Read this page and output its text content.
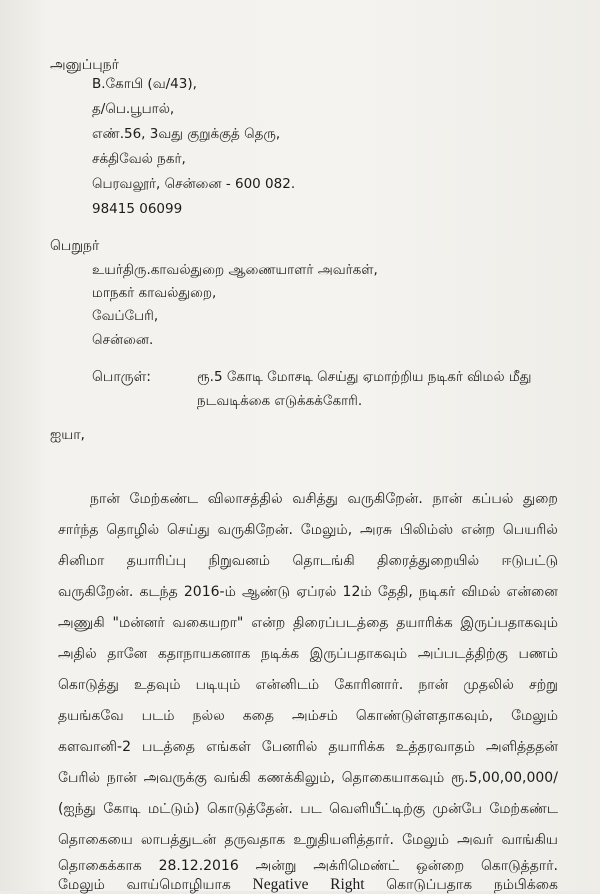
அனுப்புநர்
B.கோபி (வ/43),
த/பெ.பூபால்,
எண்.56, 3வது குறுக்குத் தெரு,
சக்திவேல் நகர்,
பெரவலூர், சென்னை - 600 082.
98415 06099
பெறுநர்
உயர்திரு.காவல்துறை ஆணையாளர் அவர்கள்,
மாநகர் காவல்துறை,
வேப்பேரி,
சென்னை.
பொருள்:	ரூ.5 கோடி மோசடி செய்து ஏமாற்றிய நடிகர் விமல் மீது
நடவடிக்கை எடுக்கக்கோரி.
ஐயா,
நான் மேற்கண்ட விலாசத்தில் வசித்து வருகிறேன். நான் கப்பல் துறை
சார்ந்த தொழில் செய்து வருகிறேன். மேலும், அரசு பிலிம்ஸ் என்ற பெயரில்
சினிமா தயாரிப்பு நிறுவனம் தொடங்கி திரைத்துறையில் ஈடுபட்டு
வருகிறேன். கடந்த 2016-ம் ஆண்டு ஏப்ரல் 12ம் தேதி, நடிகர் விமல் என்னை
அணுகி "மன்னர் வகையறா" என்ற திரைப்படத்தை தயாரிக்க இருப்பதாகவும்
அதில் தானே கதாநாயகனாக நடிக்க இருப்பதாகவும் அப்படத்திற்கு பணம்
கொடுத்து உதவும் படியும் என்னிடம் கோரினார். நான் முதலில் சற்று
தயங்கவே படம் நல்ல கதை அம்சம் கொண்டுள்ளதாகவும், மேலும்
களவானி-2 படத்தை எங்கள் பேனரில் தயாரிக்க உத்தரவாதம் அளித்ததன்
பேரில் நான் அவருக்கு வங்கி கணக்கிலும், தொகையாகவும் ரூ.5,00,00,000/
(ஐந்து கோடி மட்டும்) கொடுத்தேன். பட வெளியீட்டிற்கு முன்பே மேற்கண்ட
தொகையை லாபத்துடன் தருவதாக உறுதியளித்தார். மேலும் அவர் வாங்கிய
தொகைக்காக 28.12.2016 அன்று அக்ரிமெண்ட் ஒன்றை கொடுத்தார்.
மேலும் வாய்மொழியாக Negative Right கொடுப்பதாக நம்பிக்கை
